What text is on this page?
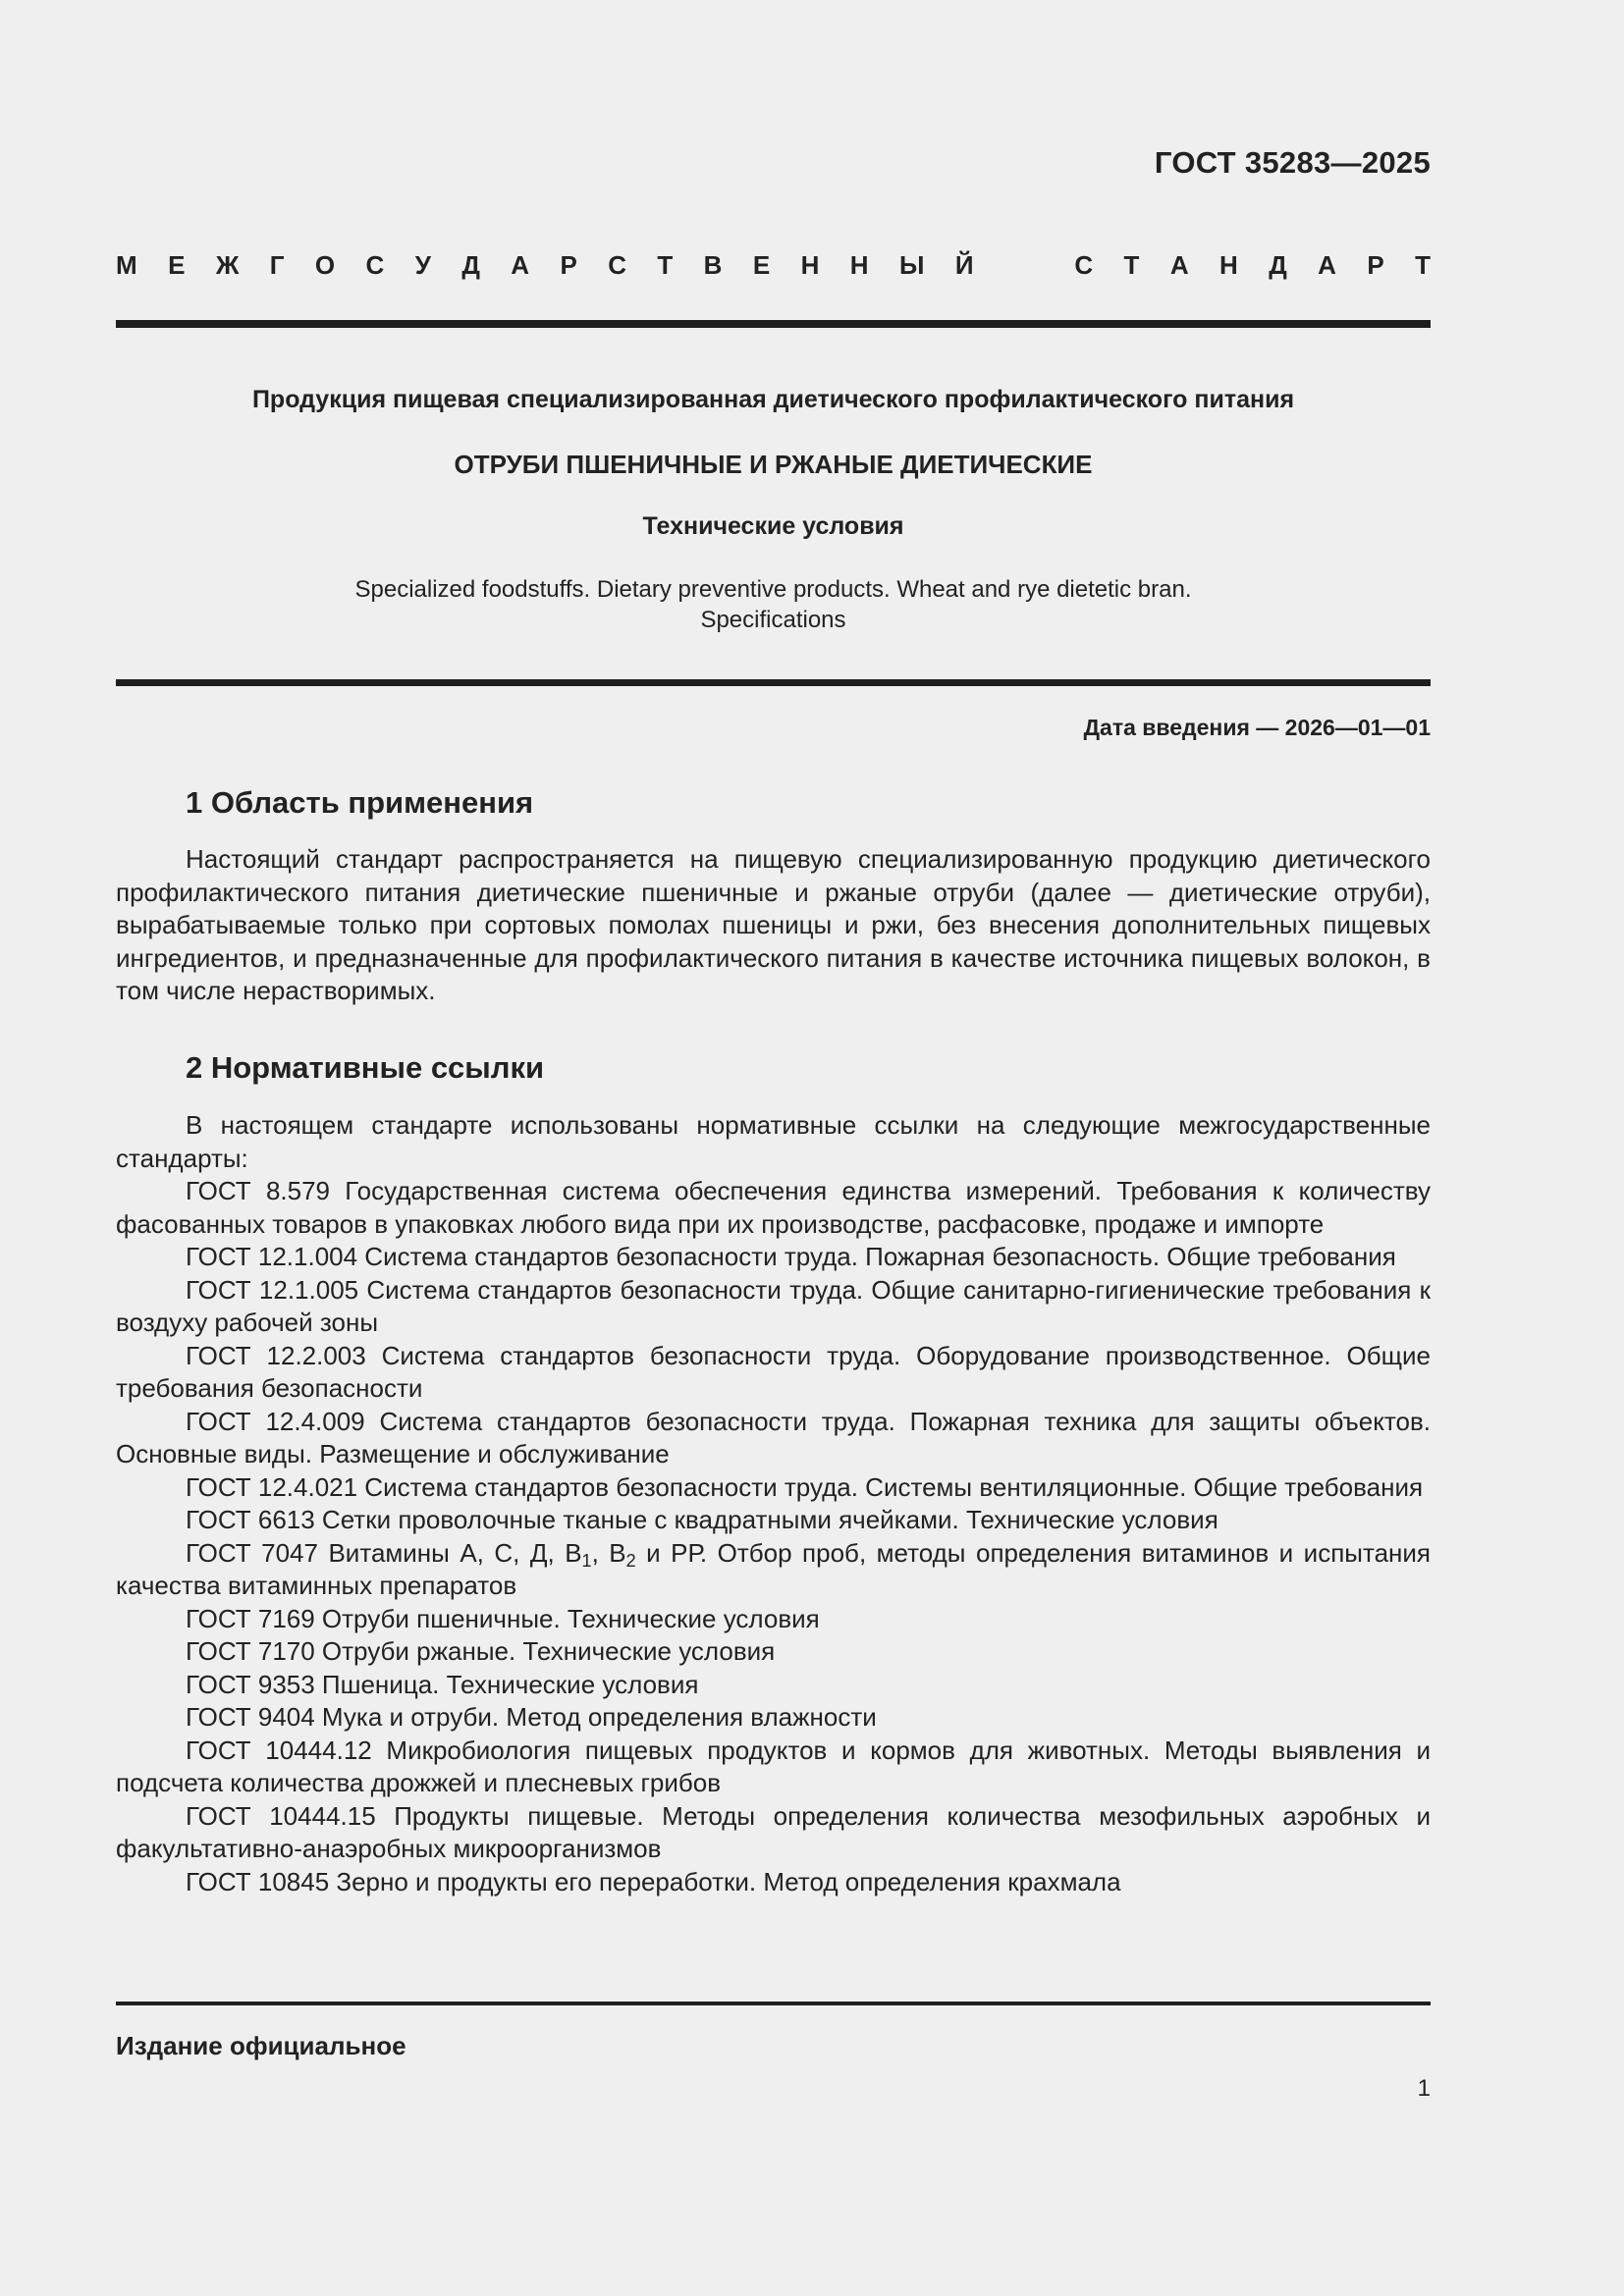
ГОСТ 35283—2025
М Е Ж Г О С У Д А Р С Т В Е Н Н Ы Й	С Т А Н Д А Р Т
Продукция пищевая специализированная диетического профилактического питания
ОТРУБИ ПШЕНИЧНЫЕ И РЖАНЫЕ ДИЕТИЧЕСКИЕ
Технические условия
Specialized foodstuffs. Dietary preventive products. Wheat and rye dietetic bran.
Specifications
Дата введения — 2026—01—01
1 Область применения

Настоящий стандарт распространяется на пищевую специализированную продукцию диетического профилактического питания диетические пшеничные и ржаные отруби (далее — диетические отруби), вырабатываемые только при сортовых помолах пшеницы и ржи, без внесения дополнительных пищевых ингредиентов, и предназначенные для профилактического питания в качестве источника пищевых волокон, в том числе нерастворимых.

2 Нормативные ссылки

В настоящем стандарте использованы нормативные ссылки на следующие межгосударственные стандарты:

ГОСТ 8.579 Государственная система обеспечения единства измерений. Требования к количеству фасованных товаров в упаковках любого вида при их производстве, расфасовке, продаже и импорте

ГОСТ 12.1.004 Система стандартов безопасности труда. Пожарная безопасность. Общие требования

ГОСТ 12.1.005 Система стандартов безопасности труда. Общие санитарно-гигиенические требования к воздуху рабочей зоны

ГОСТ 12.2.003 Система стандартов безопасности труда. Оборудование производственное. Общие требования безопасности

ГОСТ 12.4.009 Система стандартов безопасности труда. Пожарная техника для защиты объектов. Основные виды. Размещение и обслуживание

ГОСТ 12.4.021 Система стандартов безопасности труда. Системы вентиляционные. Общие требования

ГОСТ 6613 Сетки проволочные тканые с квадратными ячейками. Технические условия

ГОСТ 7047 Витамины А, С, Д, $В_1$, $В_2$ и РР. Отбор проб, методы определения витаминов и испытания качества витаминных препаратов

ГОСТ 7169 Отруби пшеничные. Технические условия

ГОСТ 7170 Отруби ржаные. Технические условия

ГОСТ 9353 Пшеница. Технические условия

ГОСТ 9404 Мука и отруби. Метод определения влажности

ГОСТ 10444.12 Микробиология пищевых продуктов и кормов для животных. Методы выявления и подсчета количества дрожжей и плесневых грибов

ГОСТ 10444.15 Продукты пищевые. Методы определения количества мезофильных аэробных и факультативно-анаэробных микроорганизмов

ГОСТ 10845 Зерно и продукты его переработки. Метод определения крахмала

Издание официальное
1
